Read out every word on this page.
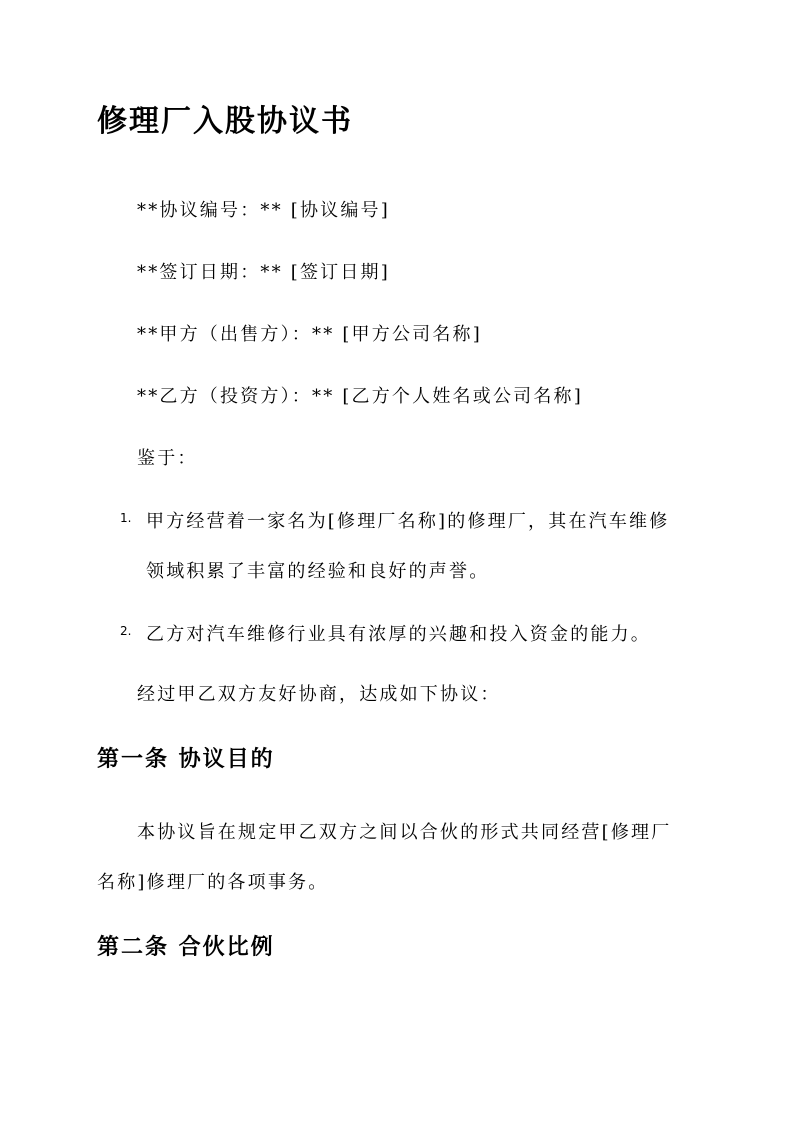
修理厂入股协议书

**协议编号：** [协议编号]

**签订日期：** [签订日期]

**甲方（出售方）：** [甲方公司名称]

**乙方（投资方）：** [乙方个人姓名或公司名称]

鉴于：

1. 甲方经营着一家名为[修理厂名称]的修理厂，其在汽车维修
领域积累了丰富的经验和良好的声誉。
2. 乙方对汽车维修行业具有浓厚的兴趣和投入资金的能力。

经过甲乙双方友好协商，达成如下协议：

第一条 协议目的
本协议旨在规定甲乙双方之间以合伙的形式共同经营[修理厂
名称]修理厂的各项事务。
第二条 合伙比例
